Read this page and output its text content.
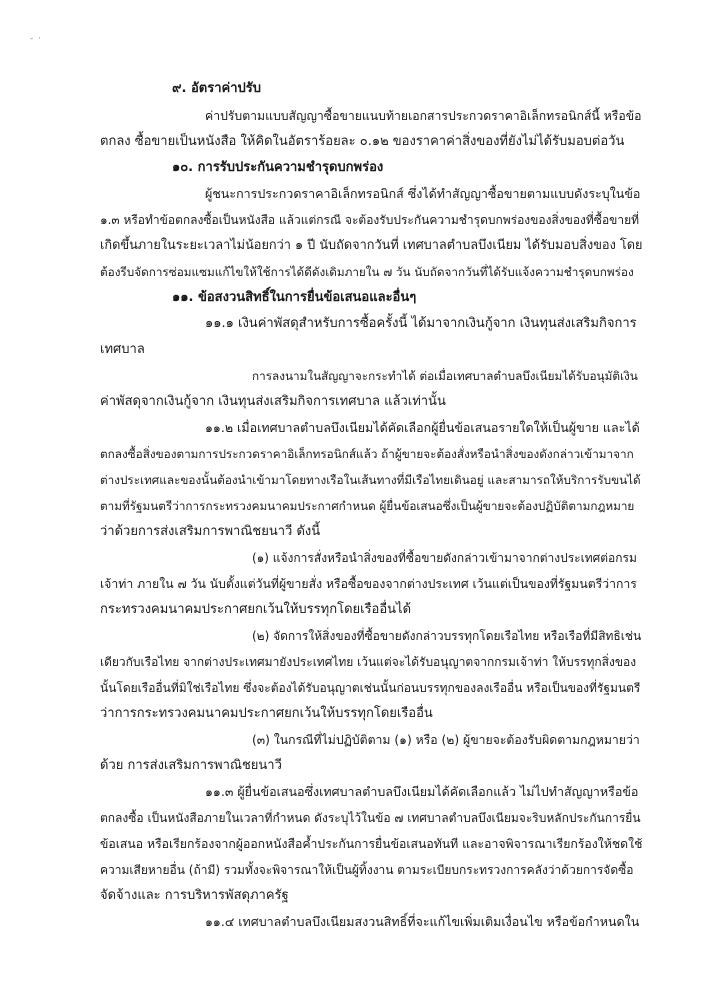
- ·

๙. อัตราค่าปรับ

ค่าปรับตามแบบสัญญาซื้อขายแนบท้ายเอกสารประกวดราคาอิเล็กทรอนิกส์นี้ หรือข้อ

ตกลง ซื้อขายเป็นหนังสือ ให้คิดในอัตราร้อยละ ๐.๑๒ ของราคาค่าสิ่งของที่ยังไม่ได้รับมอบต่อวัน

๑๐. การรับประกันความชำรุดบกพร่อง

ผู้ชนะการประกวดราคาอิเล็กทรอนิกส์ ซึ่งได้ทำสัญญาซื้อขายตามแบบดังระบุในข้อ

๑.๓ หรือทำข้อตกลงซื้อเป็นหนังสือ แล้วแต่กรณี จะต้องรับประกันความชำรุดบกพร่องของสิ่งของที่ซื้อขายที่

เกิดขึ้นภายในระยะเวลาไม่น้อยกว่า ๑ ปี นับถัดจากวันที่ เทศบาลตำบลบึงเนียม ได้รับมอบสิ่งของ โดย

ต้องรีบจัดการซ่อมแซมแก้ไขให้ใช้การได้ดีดังเดิมภายใน ๗ วัน นับถัดจากวันที่ได้รับแจ้งความชำรุดบกพร่อง

๑๑. ข้อสงวนสิทธิ์ในการยื่นข้อเสนอและอื่นๆ

๑๑.๑ เงินค่าพัสดุสำหรับการซื้อครั้งนี้ ได้มาจากเงินกู้จาก เงินทุนส่งเสริมกิจการ

เทศบาล

การลงนามในสัญญาจะกระทำได้ ต่อเมื่อเทศบาลตำบลบึงเนียมได้รับอนุมัติเงิน

ค่าพัสดุจากเงินกู้จาก เงินทุนส่งเสริมกิจการเทศบาล แล้วเท่านั้น

๑๑.๒ เมื่อเทศบาลตำบลบึงเนียมได้คัดเลือกผู้ยื่นข้อเสนอรายใดให้เป็นผู้ขาย และได้

ตกลงซื้อสิ่งของตามการประกวดราคาอิเล็กทรอนิกส์แล้ว ถ้าผู้ขายจะต้องสั่งหรือนำสิ่งของดังกล่าวเข้ามาจาก

ต่างประเทศและของนั้นต้องนำเข้ามาโดยทางเรือในเส้นทางที่มีเรือไทยเดินอยู่ และสามารถให้บริการรับขนได้

ตามที่รัฐมนตรีว่าการกระทรวงคมนาคมประกาศกำหนด ผู้ยื่นข้อเสนอซึ่งเป็นผู้ขายจะต้องปฏิบัติตามกฎหมาย

ว่าด้วยการส่งเสริมการพาณิชยนาวี ดังนี้

(๑) แจ้งการสั่งหรือนำสิ่งของที่ซื้อขายดังกล่าวเข้ามาจากต่างประเทศต่อกรม

เจ้าท่า ภายใน ๗ วัน นับตั้งแต่วันที่ผู้ขายสั่ง หรือซื้อของจากต่างประเทศ เว้นแต่เป็นของที่รัฐมนตรีว่าการ

กระทรวงคมนาคมประกาศยกเว้นให้บรรทุกโดยเรืออื่นได้

(๒) จัดการให้สิ่งของที่ซื้อขายดังกล่าวบรรทุกโดยเรือไทย หรือเรือที่มีสิทธิเช่น

เดียวกับเรือไทย จากต่างประเทศมายังประเทศไทย เว้นแต่จะได้รับอนุญาตจากกรมเจ้าท่า ให้บรรทุกสิ่งของ

นั้นโดยเรืออื่นที่มิใช่เรือไทย ซึ่งจะต้องได้รับอนุญาตเช่นนั้นก่อนบรรทุกของลงเรืออื่น หรือเป็นของที่รัฐมนตรี

ว่าการกระทรวงคมนาคมประกาศยกเว้นให้บรรทุกโดยเรืออื่น

(๓) ในกรณีที่ไม่ปฏิบัติตาม (๑) หรือ (๒) ผู้ขายจะต้องรับผิดตามกฎหมายว่า

ด้วย การส่งเสริมการพาณิชยนาวี

๑๑.๓ ผู้ยื่นข้อเสนอซึ่งเทศบาลตำบลบึงเนียมได้คัดเลือกแล้ว ไม่ไปทำสัญญาหรือข้อ

ตกลงซื้อ เป็นหนังสือภายในเวลาที่กำหนด ดังระบุไว้ในข้อ ๗ เทศบาลตำบลบึงเนียมจะริบหลักประกันการยื่น

ข้อเสนอ หรือเรียกร้องจากผู้ออกหนังสือค้ำประกันการยื่นข้อเสนอทันที และอาจพิจารณาเรียกร้องให้ชดใช้

ความเสียหายอื่น (ถ้ามี) รวมทั้งจะพิจารณาให้เป็นผู้ทิ้งงาน ตามระเบียบกระทรวงการคลังว่าด้วยการจัดซื้อ

จัดจ้างและ การบริหารพัสดุภาครัฐ

๑๑.๔ เทศบาลตำบลบึงเนียมสงวนสิทธิ์ที่จะแก้ไขเพิ่มเติมเงื่อนไข หรือข้อกำหนดใน
